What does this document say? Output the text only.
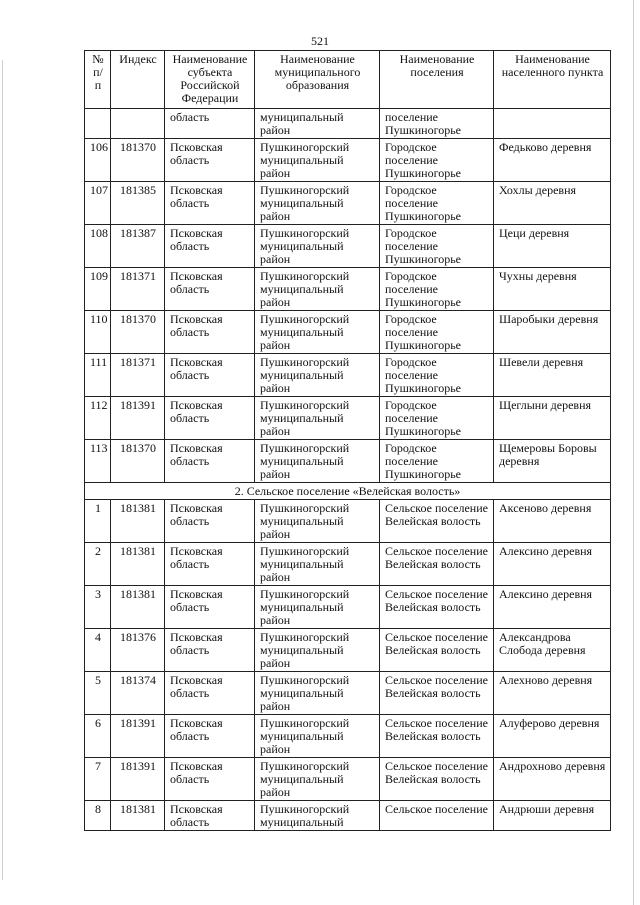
521
№ п/п	Индекс	Наименование субъекта Российской Федерации	Наименование муниципального образования	Наименование поселения	Наименование населенного пункта
		область	муниципальный район	поселение Пушкиногорье	
106	181370	Псковская область	Пушкиногорский муниципальный район	Городское поселение Пушкиногорье	Федьково деревня
107	181385	Псковская область	Пушкиногорский муниципальный район	Городское поселение Пушкиногорье	Хохлы деревня
108	181387	Псковская область	Пушкиногорский муниципальный район	Городское поселение Пушкиногорье	Цеци деревня
109	181371	Псковская область	Пушкиногорский муниципальный район	Городское поселение Пушкиногорье	Чухны деревня
110	181370	Псковская область	Пушкиногорский муниципальный район	Городское поселение Пушкиногорье	Шаробыки деревня
111	181371	Псковская область	Пушкиногорский муниципальный район	Городское поселение Пушкиногорье	Шевели деревня
112	181391	Псковская область	Пушкиногорский муниципальный район	Городское поселение Пушкиногорье	Щеглыни деревня
113	181370	Псковская область	Пушкиногорский муниципальный район	Городское поселение Пушкиногорье	Щемеровы Боровы деревня
2. Сельское поселение «Велейская волость»					
1	181381	Псковская область	Пушкиногорский муниципальный район	Сельское поселение Велейская волость	Аксеново деревня
2	181381	Псковская область	Пушкиногорский муниципальный район	Сельское поселение Велейская волость	Алексино деревня
3	181381	Псковская область	Пушкиногорский муниципальный район	Сельское поселение Велейская волость	Алексино деревня
4	181376	Псковская область	Пушкиногорский муниципальный район	Сельское поселение Велейская волость	Александрова Слобода деревня
5	181374	Псковская область	Пушкиногорский муниципальный район	Сельское поселение Велейская волость	Алехново деревня
6	181391	Псковская область	Пушкиногорский муниципальный район	Сельское поселение Велейская волость	Алуферово деревня
7	181391	Псковская область	Пушкиногорский муниципальный район	Сельское поселение Велейская волость	Андрохново деревня
8	181381	Псковская область	Пушкиногорский муниципальный	Сельское поселение	Андрюши деревня
